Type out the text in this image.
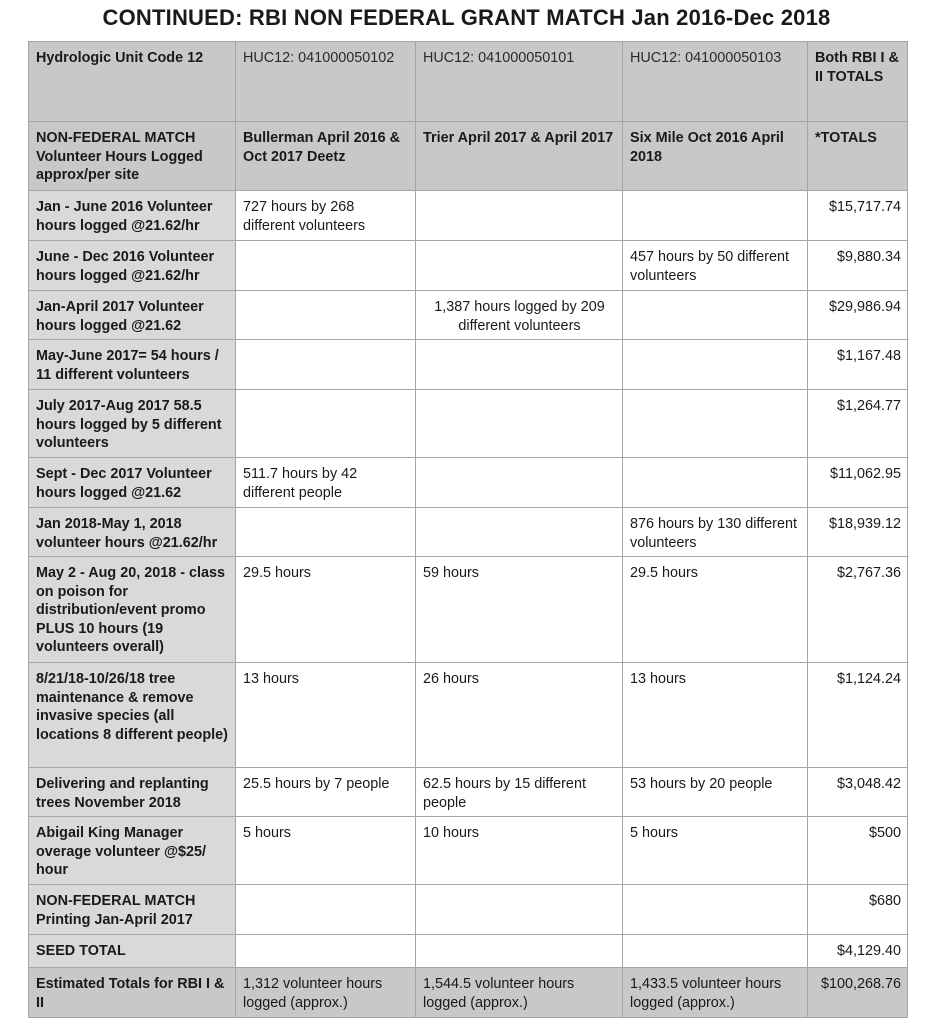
CONTINUED: RBI NON FEDERAL GRANT MATCH Jan 2016-Dec 2018
Hydrologic Unit Code 12	HUC12: 041000050102	HUC12: 041000050101	HUC12: 041000050103	Both RBI I & II TOTALS
NON-FEDERAL MATCH Volunteer Hours Logged approx/per site	Bullerman April 2016 & Oct 2017 Deetz	Trier April 2017 & April 2017	Six Mile Oct 2016 April 2018	*TOTALS
Jan - June 2016 Volunteer hours logged @21.62/hr	727 hours by 268 different volunteers			$15,717.74
June - Dec 2016 Volunteer hours logged @21.62/hr			457 hours by 50 different volunteers	$9,880.34
Jan-April 2017 Volunteer hours logged @21.62		1,387 hours logged by 209 different volunteers		$29,986.94
May-June 2017= 54 hours / 11 different volunteers				$1,167.48
July 2017-Aug 2017 58.5 hours logged by 5 different volunteers				$1,264.77
Sept - Dec 2017 Volunteer hours logged @21.62	511.7 hours by 42 different people			$11,062.95
Jan 2018-May 1, 2018 volunteer hours @21.62/hr			876 hours by 130 different volunteers	$18,939.12
May 2 - Aug 20, 2018 - class on poison for distribution/event promo PLUS 10 hours (19 volunteers overall)	29.5 hours	59 hours	29.5 hours	$2,767.36
8/21/18-10/26/18 tree maintenance & remove invasive species (all locations 8 different people)	13 hours	26 hours	13 hours	$1,124.24
Delivering and replanting trees November 2018	25.5 hours by 7 people	62.5 hours by 15 different people	53 hours by 20 people	$3,048.42
Abigail King Manager overage volunteer @$25/ hour	5 hours	10 hours	5 hours	$500
NON-FEDERAL MATCH Printing Jan-April 2017				$680
SEED TOTAL				$4,129.40
Estimated Totals for RBI I & II	1,312 volunteer hours logged (approx.)	1,544.5 volunteer hours logged (approx.)	1,433.5 volunteer hours logged (approx.)	$100,268.76
